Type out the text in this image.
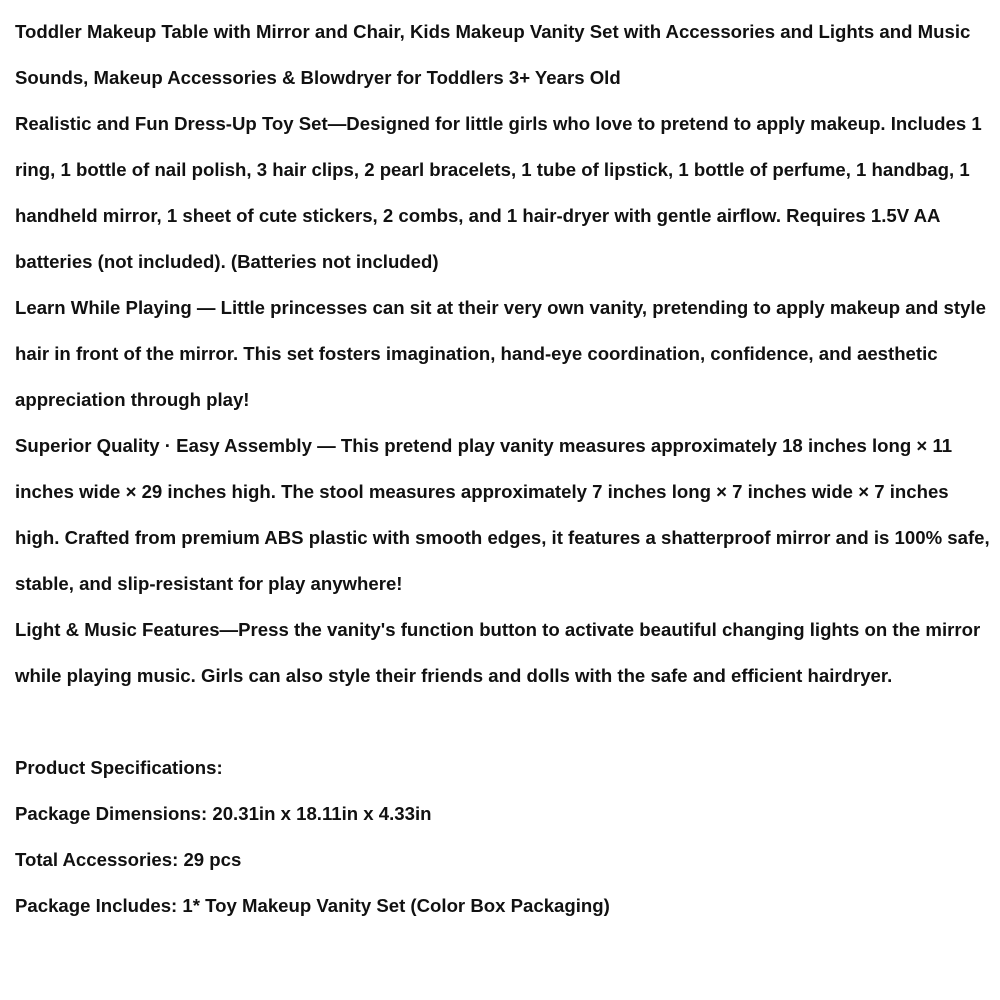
Toddler Makeup Table with Mirror and Chair, Kids Makeup Vanity Set with Accessories and Lights and Music Sounds, Makeup Accessories & Blowdryer for Toddlers 3+ Years Old

Realistic and Fun Dress-Up Toy Set—Designed for little girls who love to pretend to apply makeup. Includes 1 ring, 1 bottle of nail polish, 3 hair clips, 2 pearl bracelets, 1 tube of lipstick, 1 bottle of perfume, 1 handbag, 1 handheld mirror, 1 sheet of cute stickers, 2 combs, and 1 hair-dryer with gentle airflow. Requires 1.5V AA batteries (not included). (Batteries not included)

Learn While Playing — Little princesses can sit at their very own vanity, pretending to apply makeup and style hair in front of the mirror. This set fosters imagination, hand-eye coordination, confidence, and aesthetic appreciation through play!

Superior Quality · Easy Assembly — This pretend play vanity measures approximately 18 inches long × 11 inches wide × 29 inches high. The stool measures approximately 7 inches long × 7 inches wide × 7 inches high. Crafted from premium ABS plastic with smooth edges, it features a shatterproof mirror and is 100% safe, stable, and slip-resistant for play anywhere!

Light & Music Features—Press the vanity's function button to activate beautiful changing lights on the mirror while playing music. Girls can also style their friends and dolls with the safe and efficient hairdryer.

Product Specifications:

Package Dimensions: 20.31in x 18.11in x 4.33in

Total Accessories: 29 pcs

Package Includes: 1* Toy Makeup Vanity Set (Color Box Packaging)
